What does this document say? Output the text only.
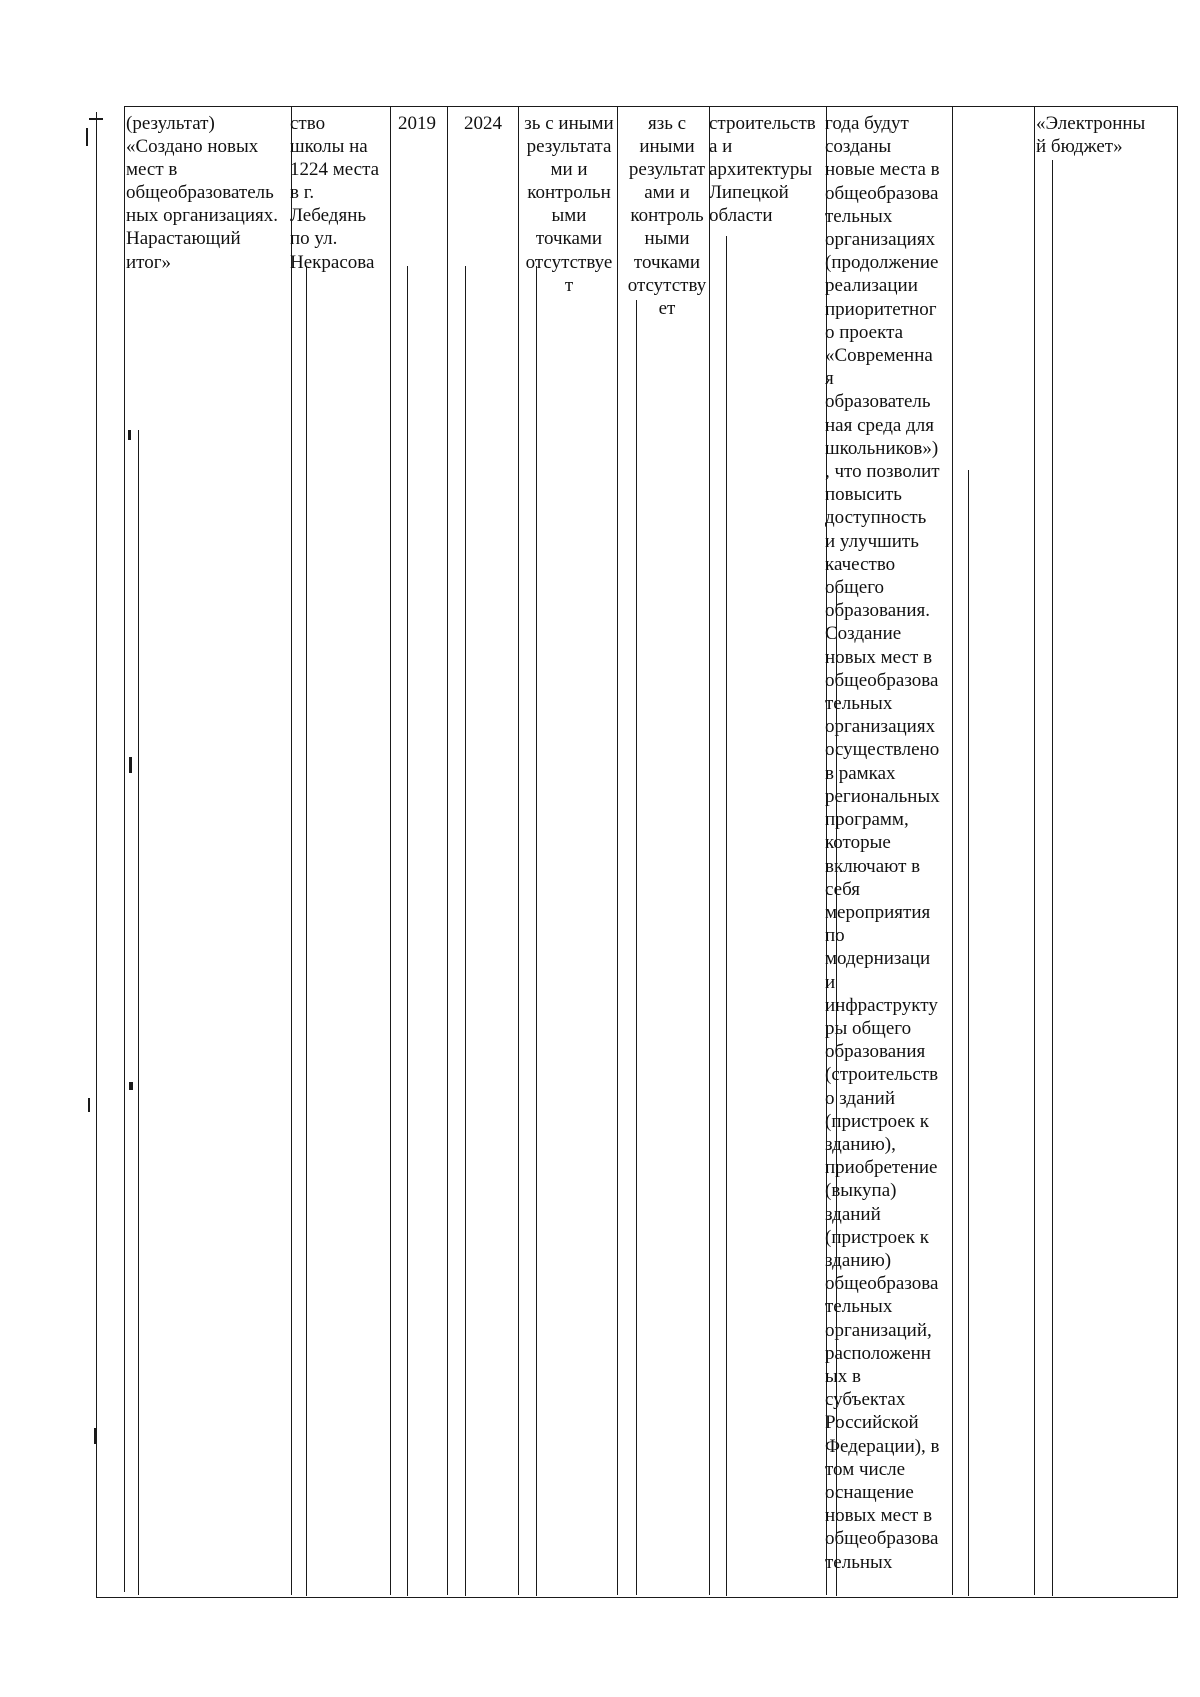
(результат)
«Создано новых
мест в
общеобразователь
ных организациях.
Нарастающий
итог»
ство
школы на
1224 места
в г.
Лебедянь
по ул.
Некрасова
2019	2024	зь с иными
результата
ми и
контрольн
ыми
точками
отсутствуе
т
язь с
иными
результат
ами и
контроль
ными
точками
отсутству
ет
строительств
а и
архитектуры
Липецкой
области
года будут
созданы
новые места в
общеобразова
тельных
организациях
(продолжение
реализации
приоритетног
о проекта
«Современна
я
образователь
ная среда для
школьников»)
, что позволит
повысить
доступность
и улучшить
качество
общего
образования.
Создание
новых мест в
общеобразова
тельных
организациях
осуществлено
в рамках
региональных
программ,
которые
включают в
себя
мероприятия
по
модернизаци
и
инфраструкту
ры общего
образования
(строительств
о зданий
(пристроек к
зданию),
приобретение
(выкупа)
зданий
(пристроек к
зданию)
общеобразова
тельных
организаций,
расположенн
ых в
субъектах
Российской
Федерации), в
том числе
оснащение
новых мест в
общеобразова
тельных
«Электронны
й бюджет»
